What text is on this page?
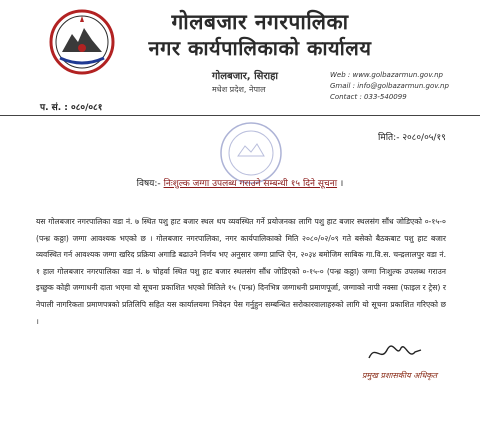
गोलबजार नगरपालिका
नगर कार्यपालिकाको कार्यालय
गोलबजार, सिराहा
मधेश प्रदेश, नेपाल
Web : www.golbazarmun.gov.np
Gmail : info@golbazarmun.gov.np
Contact : 033-540099
प. सं. : ०८०/०८१
मिति:- २०८०/०५/१९
विषय:- निःशुल्क जग्गा उपलब्ध गराउने सम्बन्धी १५ दिने सूचना ।
यस गोलबजार नगरपालिका वडा नं. ७ स्थित पशु हाट बजार स्थल थप व्यवस्थित गर्ने प्रयोजनका लागि पशु हाट बजार स्थलसंग सौंध जोडिएको ०-१५-० (पन्ध्र कठ्ठा) जग्गा आवश्यक भएको छ । गोलबजार नगरपालिका, नगर कार्यपालिकाको मिति २०८०/०२/०९ गते बसेको बैठकबाट पशु हाट बजार व्यवस्थित गर्न आवश्यक जग्गा खरिद प्रक्रिया अगाडि बढाउने निर्णय भए अनुसार जग्गा प्राप्ति ऐन, २०३४ बमोजिम साबिक गा.वि.स. चन्द्रलालपुर वडा नं. १ हाल गोलबजार नगरपालिका वडा नं. ७ चोहर्वा स्थित पशु हाट बजार स्थलसंग सौंध जोडिएको ०-१५-० (पन्ध्र कठ्ठा) जग्गा निःशुल्क उपलब्ध गराउन इच्छुक कोही जग्गाधनी दाता भएमा यो सूचना प्रकाशित भएको मितिले १५ (पन्ध्र) दिनभित्र जग्गाधनी प्रमाणपूर्जा, जग्गाको नापी नक्सा (फाइल र ट्रेस) र नेपाली नागरिकता प्रमाणपत्रको प्रतिलिपि सहित यस कार्यालयमा निवेदन पेस गर्नुहुन सम्बन्धित सरोकारवालाहरुको लागि यो सूचना प्रकाशित गरिएको छ ।
प्रमुख प्रशासकीय अधिकृत
